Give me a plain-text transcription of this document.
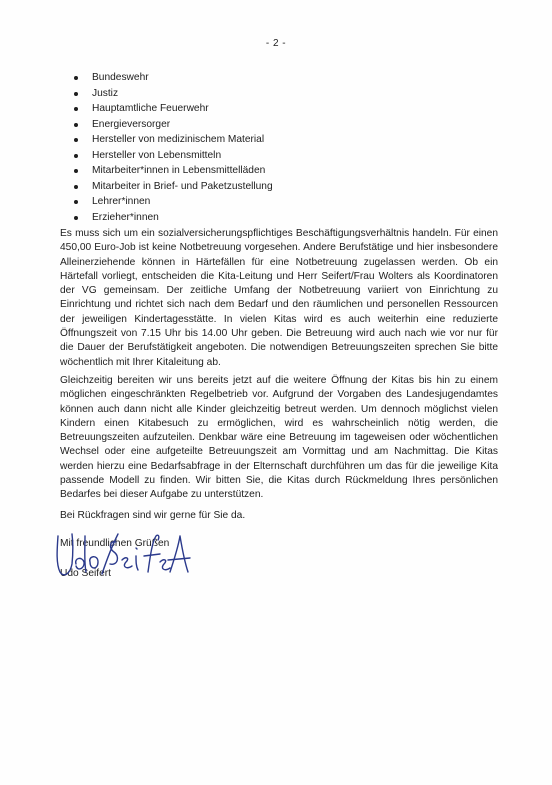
- 2 -
Bundeswehr
Justiz
Hauptamtliche Feuerwehr
Energieversorger
Hersteller von medizinischem Material
Hersteller von Lebensmitteln
Mitarbeiter*innen in Lebensmittelläden
Mitarbeiter in Brief- und Paketzustellung
Lehrer*innen
Erzieher*innen

Es muss sich um ein sozialversicherungspflichtiges Beschäftigungsverhältnis handeln. Für einen 450,00 Euro-Job ist keine Notbetreuung vorgesehen. Andere Berufstätige und hier insbesondere Alleinerziehende können in Härtefällen für eine Notbetreuung zugelassen werden. Ob ein Härtefall vorliegt, entscheiden die Kita-Leitung und Herr Seifert/Frau Wolters als Koordinatoren der VG gemeinsam. Der zeitliche Umfang der Notbetreuung variiert von Einrichtung zu Einrichtung und richtet sich nach dem Bedarf und den räumlichen und personellen Ressourcen der jeweiligen Kindertagesstätte. In vielen Kitas wird es auch weiterhin eine reduzierte Öffnungszeit von 7.15 Uhr bis 14.00 Uhr geben. Die Betreuung wird auch nach wie vor nur für die Dauer der Berufstätigkeit angeboten. Die notwendigen Betreuungszeiten sprechen Sie bitte wöchentlich mit Ihrer Kitaleitung ab.

Gleichzeitig bereiten wir uns bereits jetzt auf die weitere Öffnung der Kitas bis hin zu einem möglichen eingeschränkten Regelbetrieb vor. Aufgrund der Vorgaben des Landesjugendamtes können auch dann nicht alle Kinder gleichzeitig betreut werden. Um dennoch möglichst vielen Kindern einen Kitabesuch zu ermöglichen, wird es wahrscheinlich nötig werden, die Betreuungszeiten aufzuteilen. Denkbar wäre eine Betreuung im tageweisen oder wöchentlichen Wechsel oder eine aufgeteilte Betreuungszeit am Vormittag und am Nachmittag. Die Kitas werden hierzu eine Bedarfsabfrage in der Elternschaft durchführen um das für die jeweilige Kita passende Modell zu finden. Wir bitten Sie, die Kitas durch Rückmeldung Ihres persönlichen Bedarfes bei dieser Aufgabe zu unterstützen.

Bei Rückfragen sind wir gerne für Sie da.

Mit freundlichen Grüßen
Udo Seifert
